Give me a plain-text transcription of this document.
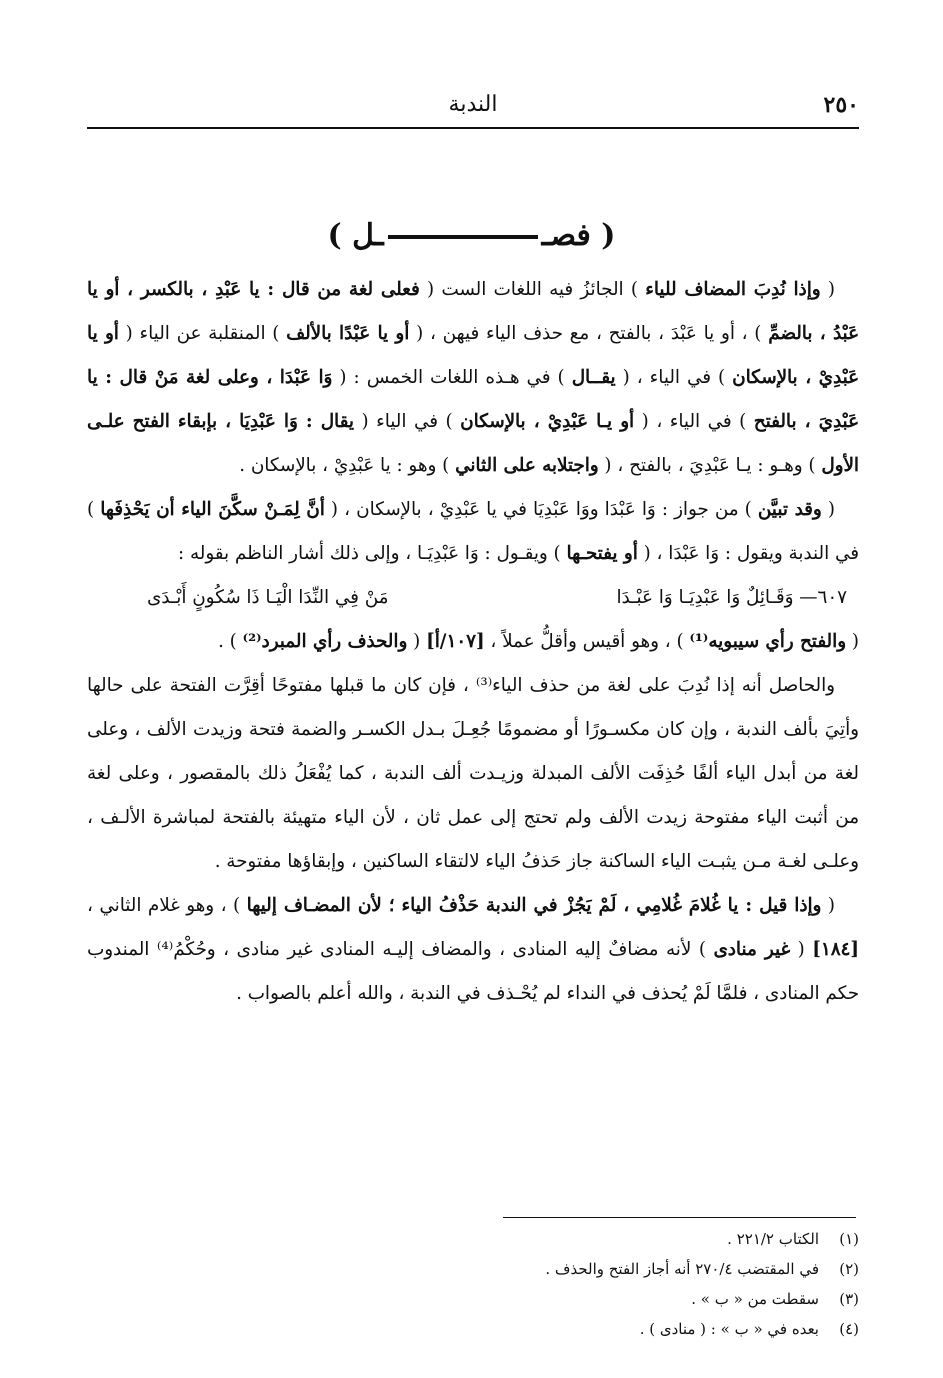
٢٥٠
الندبة
( فصــل )

( وإذا نُدِبَ المضاف للياء ) الجائزُ فيه اللغات الست ( فعلى لغة من قال : يا عَبْدِ ، بالكسر ، أو يا عَبْدُ ، بالضمِّ ) ، أو يا عَبْدَ ، بالفتح ، مع حذف الياء فيهن ، ( أو يا عَبْدًا بالألف ) المنقلبة عن الياء ( أو يا عَبْدِيْ ، بالإسكان ) في الياء ، ( يقــال ) في هـذه اللغات الخمس : ( وَا عَبْدَا ، وعلى لغة مَنْ قال : يا عَبْدِيَ ، بالفتح ) في الياء ، ( أو يـا عَبْدِيْ ، بالإسكان ) في الياء ( يقال : وَا عَبْدِيَا ، بإبقاء الفتح علـى الأول ) وهـو : يـا عَبْدِيَ ، بالفتح ، ( واجتلابه على الثاني ) وهو : يا عَبْدِيْ ، بالإسكان .

( وقد تبيَّن ) من جواز : وَا عَبْدَا ووَا عَبْدِيَا في يا عَبْدِيْ ، بالإسكان ، ( أنَّ لِمَـنْ سكَّنَ الياء أن يَحْذِفَها ) في الندبة ويقول : وَا عَبْدَا ، ( أو يفتحـها ) ويقـول : وَا عَبْدِيَـا ، وإلى ذلك أشار الناظم بقوله :

٦٠٧— وَقَـائِلٌ وَا عَبْدِيَـا وَا عَبْـدَا
مَنْ فِي النِّدَا الْيَـا ذَا سُكُونٍ أَبْـدَى

( والفتح رأي سيبويه⁽¹⁾ ) ، وهو أقيس وأقلُّ عملاً ، [١٠٧/أ] ( والحذف رأي المبرد⁽²⁾ ) .

والحاصل أنه إذا نُدِبَ على لغة من حذف الياء⁽³⁾ ، فإن كان ما قبلها مفتوحًا أقِرَّت الفتحة على حالها وأتِيَ بألف الندبة ، وإن كان مكسـورًا أو مضمومًا جُعِـلَ بـدل الكسـر والضمة فتحة وزيدت الألف ، وعلى لغة من أبدل الياء ألفًا حُذِفَت الألف المبدلة وزيـدت ألف الندبة ، كما يُفْعَلُ ذلك بالمقصور ، وعلى لغة من أثبت الياء مفتوحة زيدت الألف ولم تحتج إلى عمل ثان ، لأن الياء متهيئة بالفتحة لمباشرة الألـف ، وعلـى لغـة مـن يثبـت الياء الساكنة جاز حَذفُ الياء لالتقاء الساكنين ، وإبقاؤها مفتوحة .

( وإذا قيل : يا غُلامَ غُلامِي ، لَمْ يَجُزْ في الندبة حَذْفُ الياء ؛ لأن المضـاف إليها ) ، وهو غلام الثاني ، [١٨٤] ( غير منادى ) لأنه مضافٌ إليه المنادى ، والمضاف إليـه المنادى غير منادى ، وحُكْمُ⁽⁴⁾ المندوب حكم المنادى ، فلمَّا لَمْ يُحذف في النداء لم يُحْـذف في الندبة ، والله أعلم بالصواب .

(١)
الكتاب ٢٢١/٢ .
(٢)
في المقتضب ٢٧٠/٤ أنه أجاز الفتح والحذف .
(٣)
سقطت من « ب » .
(٤)
بعده في « ب » : ( منادى ) .
